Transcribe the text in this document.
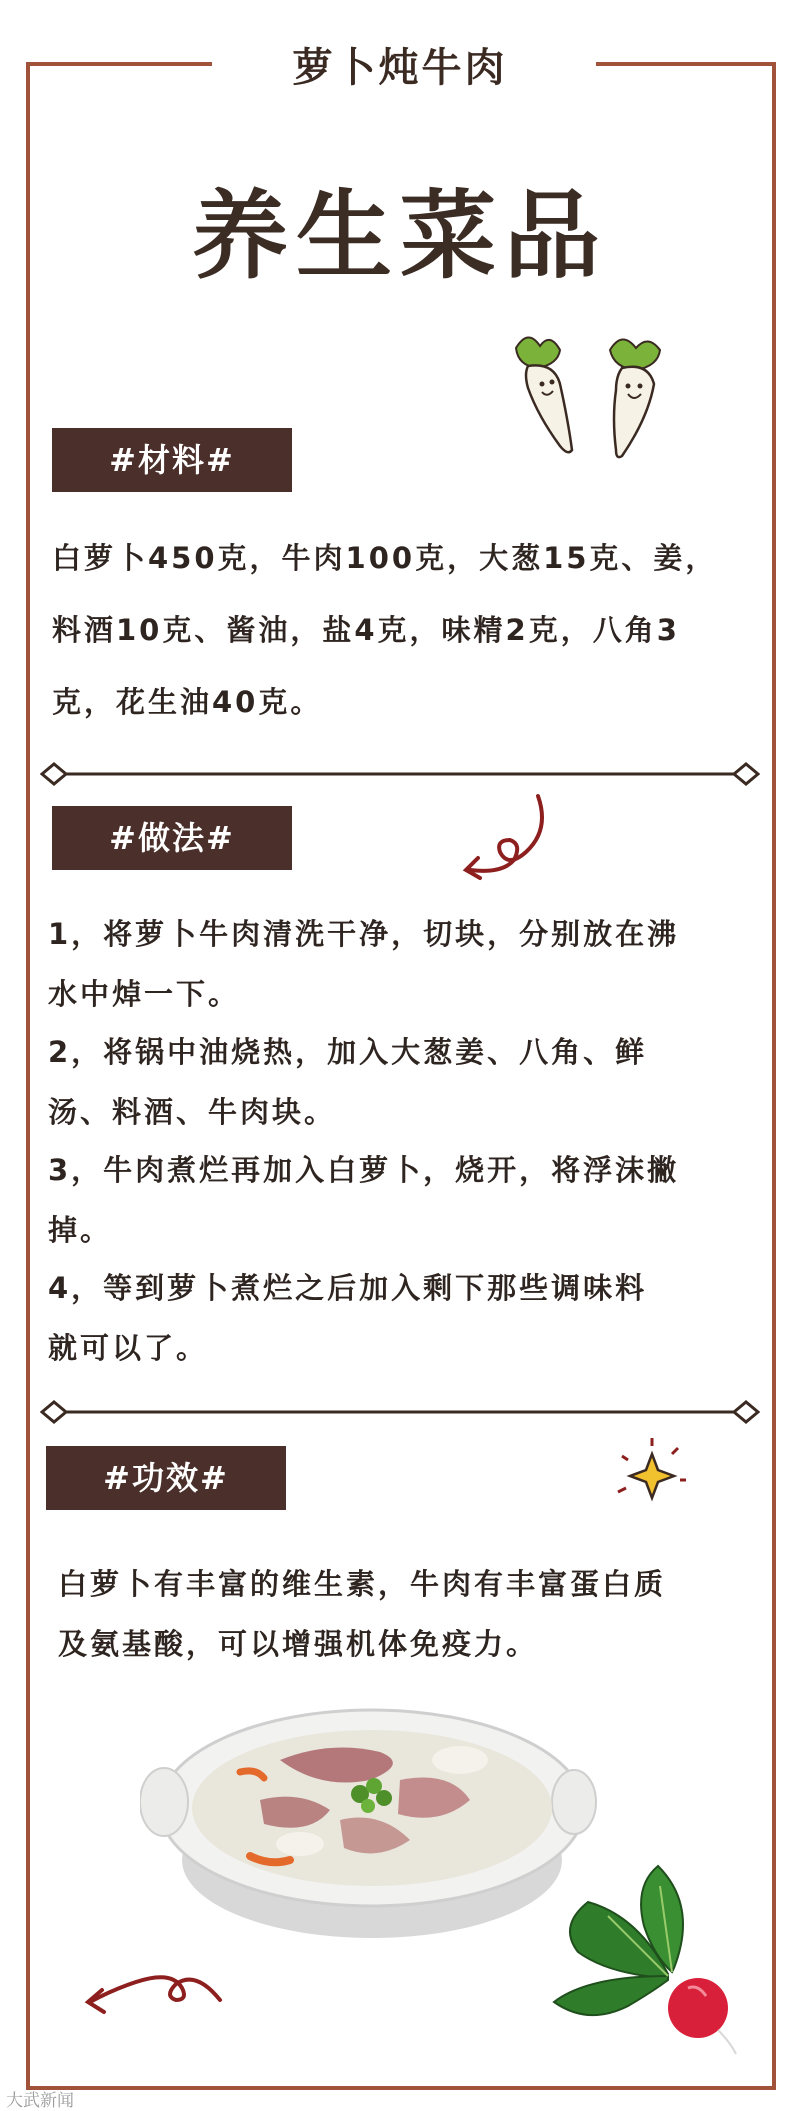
萝卜炖牛肉
养生菜品
#材料#
白萝卜450克，牛肉100克，大葱15克、姜，
料酒10克、酱油，盐4克，味精2克，八角3
克，花生油40克。
#做法#
1，将萝卜牛肉清洗干净，切块，分别放在沸
水中焯一下。
2，将锅中油烧热，加入大葱姜、八角、鲜
汤、料酒、牛肉块。
3，牛肉煮烂再加入白萝卜，烧开，将浮沫撇
掉。
4，等到萝卜煮烂之后加入剩下那些调味料
就可以了。
#功效#
白萝卜有丰富的维生素，牛肉有丰富蛋白质
及氨基酸，可以增强机体免疫力。
大武新闻
